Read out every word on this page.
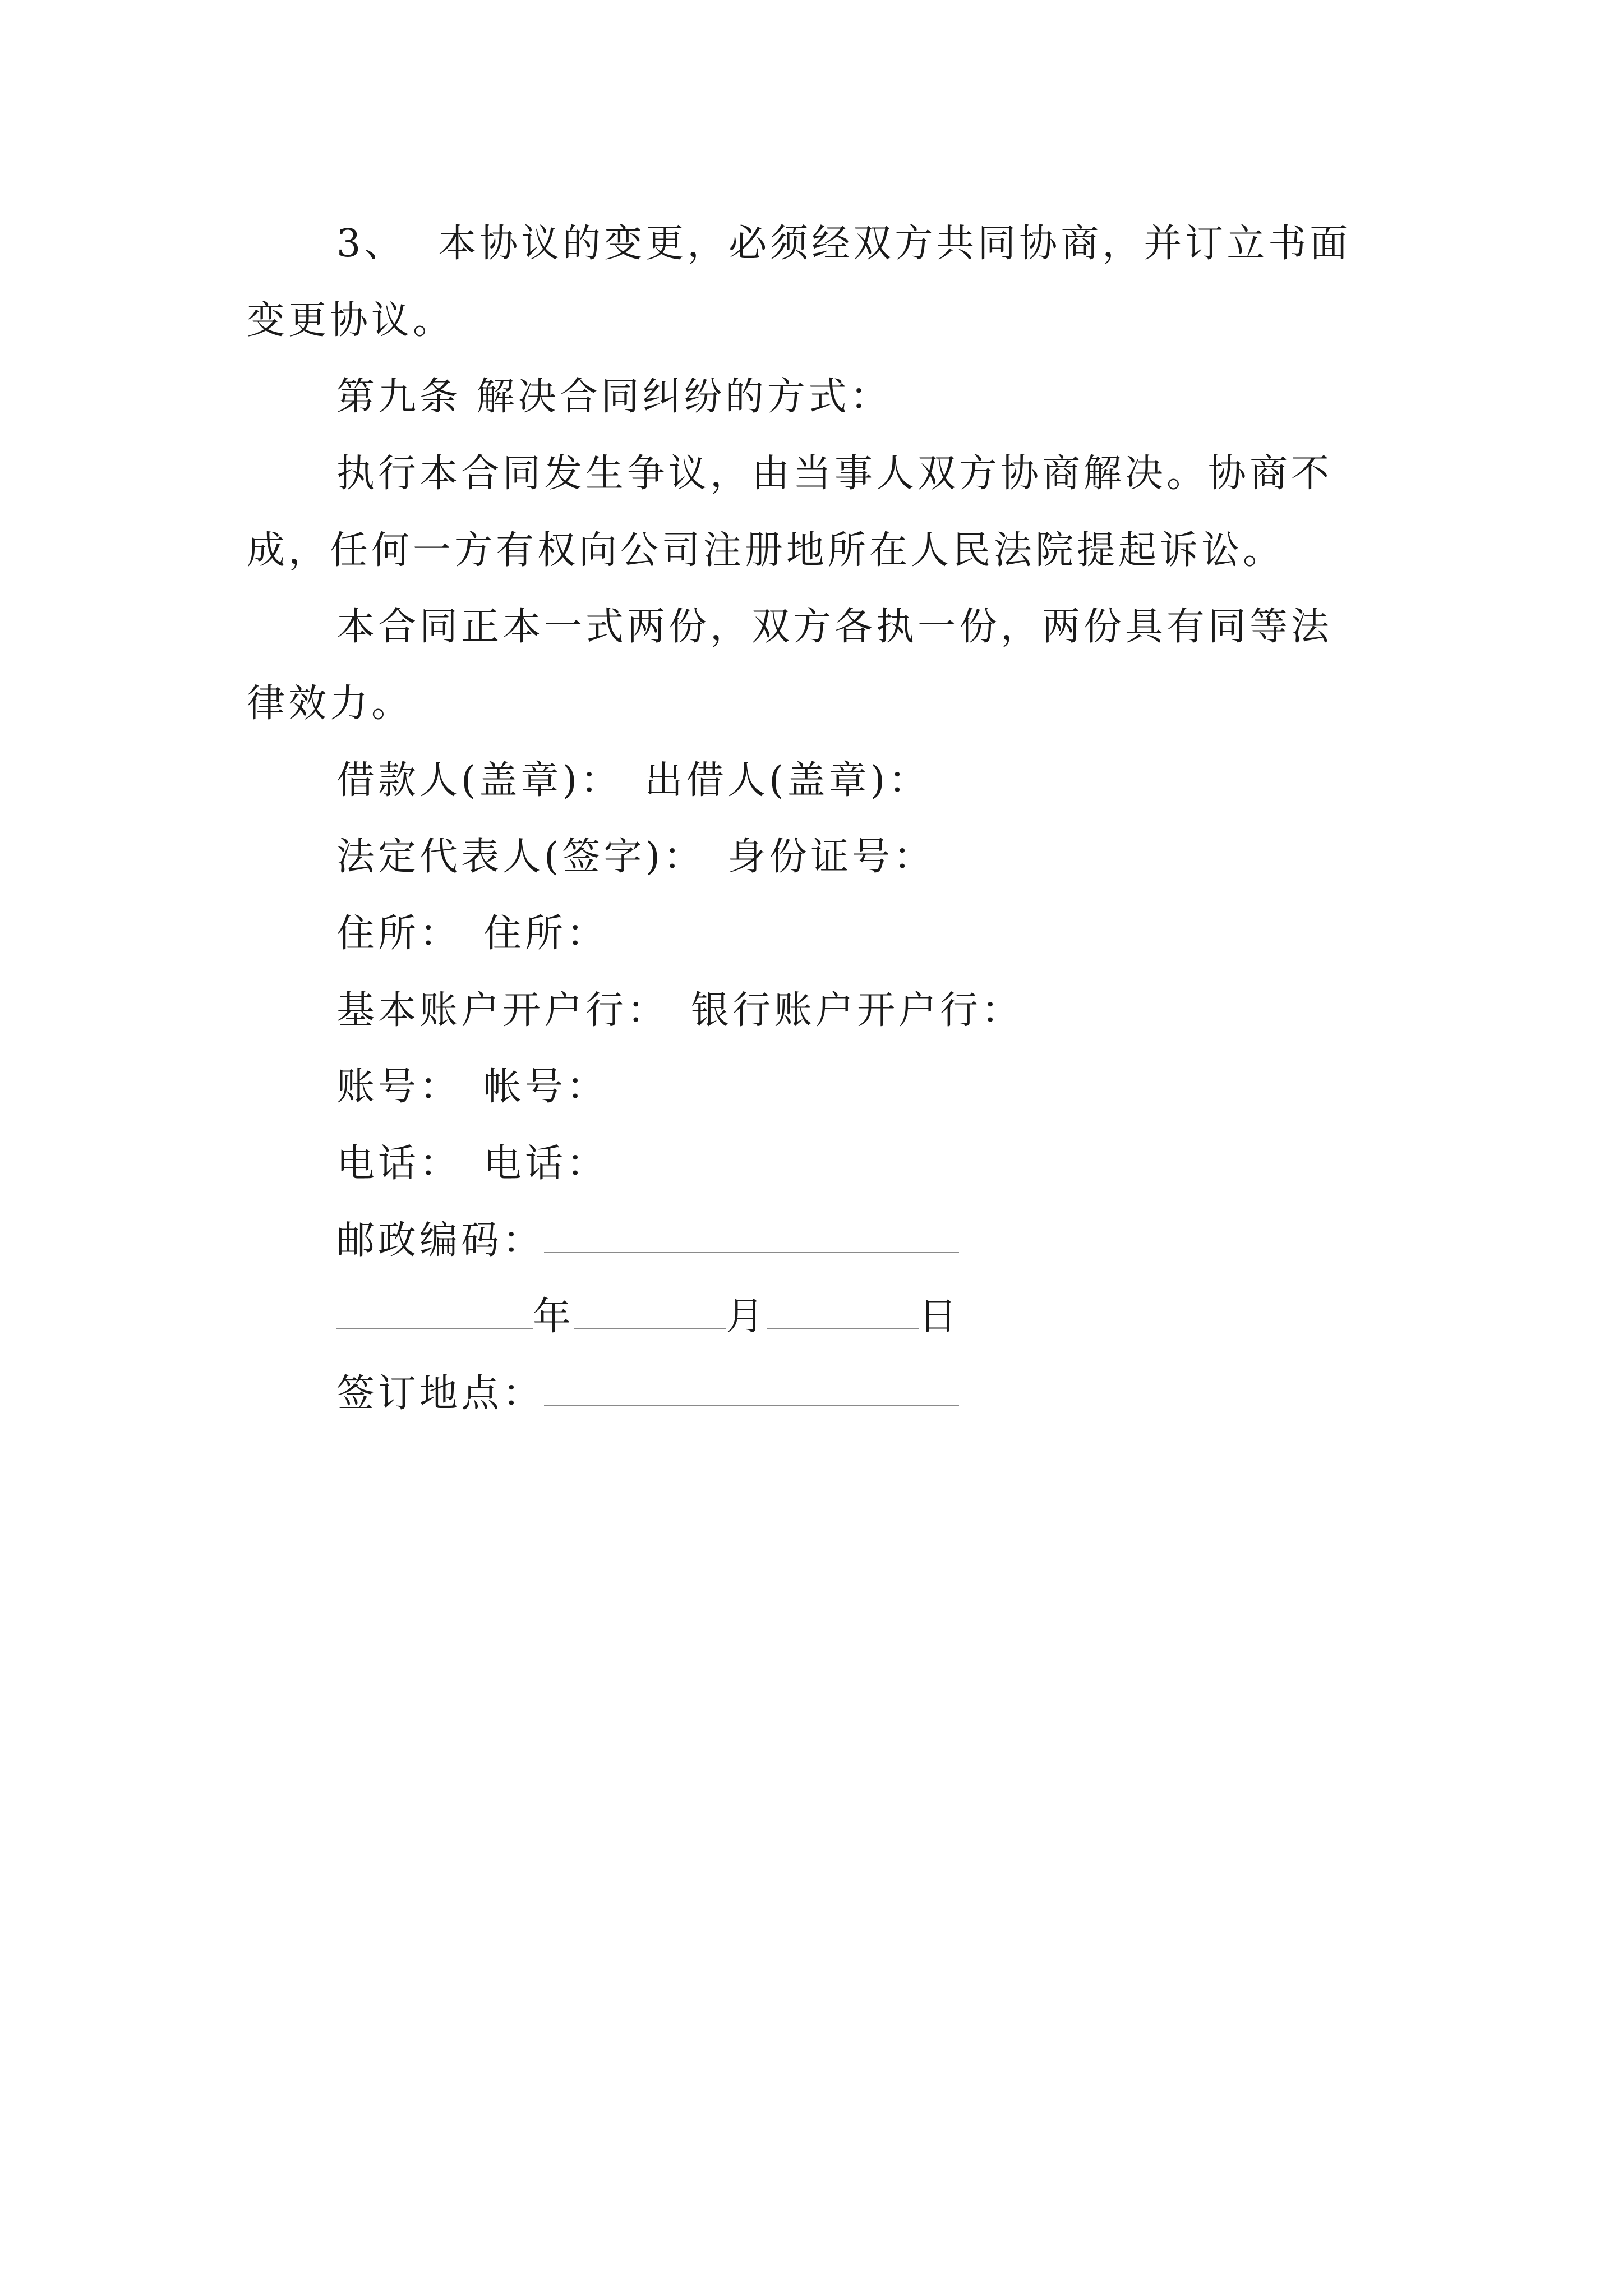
3、 本协议的变更，必须经双方共同协商，并订立书面
变更协议。
第九条 解决合同纠纷的方式：
执行本合同发生争议，由当事人双方协商解决。协商不
成，任何一方有权向公司注册地所在人民法院提起诉讼。
本合同正本一式两份，双方各执一份，两份具有同等法
律效力。
借款人(盖章)： 出借人(盖章)：
法定代表人(签字)： 身份证号：
住所： 住所：
基本账户开户行： 银行账户开户行：
账号： 帐号：
电话： 电话：
邮政编码：
年	月	日
签订地点：
